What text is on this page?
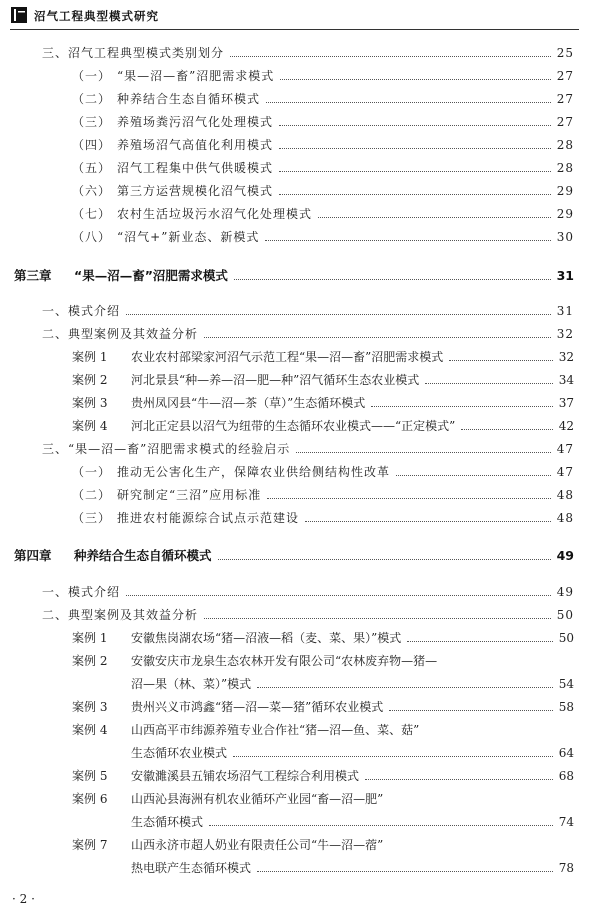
沼气工程典型模式研究
三、沼气工程典型模式类别划分	25
（一） “果—沼—畜”沼肥需求模式	27
（二） 种养结合生态自循环模式	27
（三） 养殖场粪污沼气化处理模式	27
（四） 养殖场沼气高值化利用模式	28
（五） 沼气工程集中供气供暖模式	28
（六） 第三方运营规模化沼气模式	29
（七） 农村生活垃圾污水沼气化处理模式	29
（八） “沼气+”新业态、新模式	30
第三章 “果—沼—畜”沼肥需求模式	31
一、模式介绍	31
二、典型案例及其效益分析	32
案例 1 农业农村部梁家河沼气示范工程“果—沼—畜”沼肥需求模式	32
案例 2 河北景县“种—养—沼—肥—种”沼气循环生态农业模式	34
案例 3 贵州凤冈县“牛—沼—茶（草）”生态循环模式	37
案例 4 河北正定县以沼气为纽带的生态循环农业模式——“正定模式”	42
三、“果—沼—畜”沼肥需求模式的经验启示	47
（一） 推动无公害化生产，保障农业供给侧结构性改革	47
（二） 研究制定“三沼”应用标准	48
（三） 推进农村能源综合试点示范建设	48
第四章 种养结合生态自循环模式	49
一、模式介绍	49
二、典型案例及其效益分析	50
案例 1 安徽焦岗湖农场“猪—沼液—稻（麦、菜、果）”模式	50
案例 2 安徽安庆市龙泉生态农林开发有限公司“农林废弃物—猪—
沼—果（林、菜）”模式	54
案例 3 贵州兴义市鸿鑫“猪—沼—菜—猪”循环农业模式	58
案例 4 山西高平市纬源养殖专业合作社“猪—沼—鱼、菜、菇”
生态循环农业模式	64
案例 5 安徽濉溪县五铺农场沼气工程综合利用模式	68
案例 6 山西沁县海洲有机农业循环产业园“畜—沼—肥”
生态循环模式	74
案例 7 山西永济市超人奶业有限责任公司“牛—沼—蓿”
热电联产生态循环模式	78
· 2 ·
